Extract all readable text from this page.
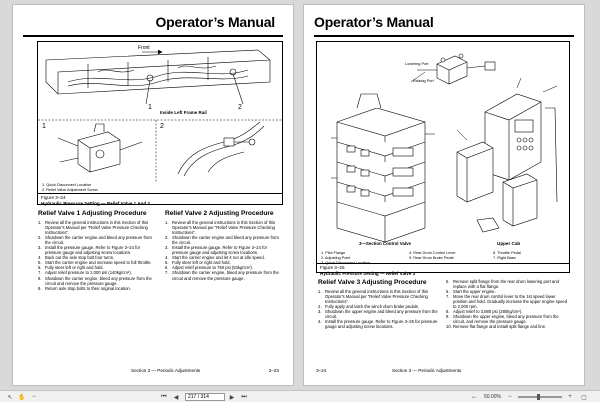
Operator’s Manual
Front
1	2
Inside Left Frame Rail
1	2
1. Quick Disconnect Location
2. Relief Valve Adjustment Screw
Figure 3–24
Hydraulic Pressure Setting — Relief Valve 1 And 2
Relief Valve 1 Adjusting Procedure
1. Review all the general instructions in this Section of this Operator’s Manual per “Relief Valve Pressure Checking Instructions”.
2. Shutdown the carrier engine and bleed any pressure from the circuit.
3. Install the pressure gauge. Refer to Figure 3–24 for pressure gauge and adjusting screw locations.
4. Back out the axle stop bolt four turns.
5. Start the carrier engine and increase speed to full throttle.
6. Fully steer left or right and hold.
7. Adjust relief pressure to 2,000 psi (140kg/cm²).
8. Shutdown the carrier engine, bleed any pressure from the circuit and remove the pressure gauge.
9. Return axle stop bolts to their original location.
Relief Valve 2 Adjusting Procedure
1. Review all the general instructions in this Section of this Operator’s Manual per “Relief Valve Pressure Checking Instructions”.
2. Shutdown the carrier engine and bleed any pressure from the circuit.
3. Install the pressure gauge. Refer to Figure 3–24 for pressure gauge and adjusting screw locations.
4. Start the carrier engine and let it run at idle speed.
5. Fully steer left or right and hold.
6. Adjust relief pressure to 750 psi (53kg/cm²).
7. Shutdown the carrier engine, bleed any pressure from the circuit and remove the pressure gauge.
Section 3 — Periodic Adjustments	3–23
Operator’s Manual
Lowering Port
Raising Port
3—Section Control Valve	Upper Cab
1. Pilot Flange
2. Adjusting Point
3. Quick Disconnect Location
4. Rear Drum Control Lever
5. Rear Drum Brake Pedal
6. Throttle Pedal
7. Right Base
Figure 3–25
Hydraulic Pressure Setting — Relief Valve 3
Relief Valve 3 Adjusting Procedure
1. Review all the general instructions in this Section of this Operator’s Manual per “Relief Valve Pressure Checking Instructions”.
2. Fully apply and latch the winch drum brake pedals.
3. Shutdown the upper engine and bleed any pressure from the circuit.
4. Install the pressure gauge. Refer to Figure 3–25 for pressure gauge and adjusting screw locations.
5. Remove split flange from the rear drum lowering port and replace with a flat flange.
6. Start the upper engine.
7. Move the rear drum control lever to the 1st speed lower position and hold. Gradually increase the upper engine speed to 2,000 rpm.
8. Adjust relief to 3,880 psi (280kg/cm²).
9. Shutdown the upper engine, bleed any pressure from the circuit, and remove the pressure gauge.
10.Remove flat flange and install split flange and line.
3–24	Section 3 — Periodic Adjustments
↖ ✋	−	⏮ ◀	217 / 314	▶ ⏭	↔ 50.00%	−	+	▢
